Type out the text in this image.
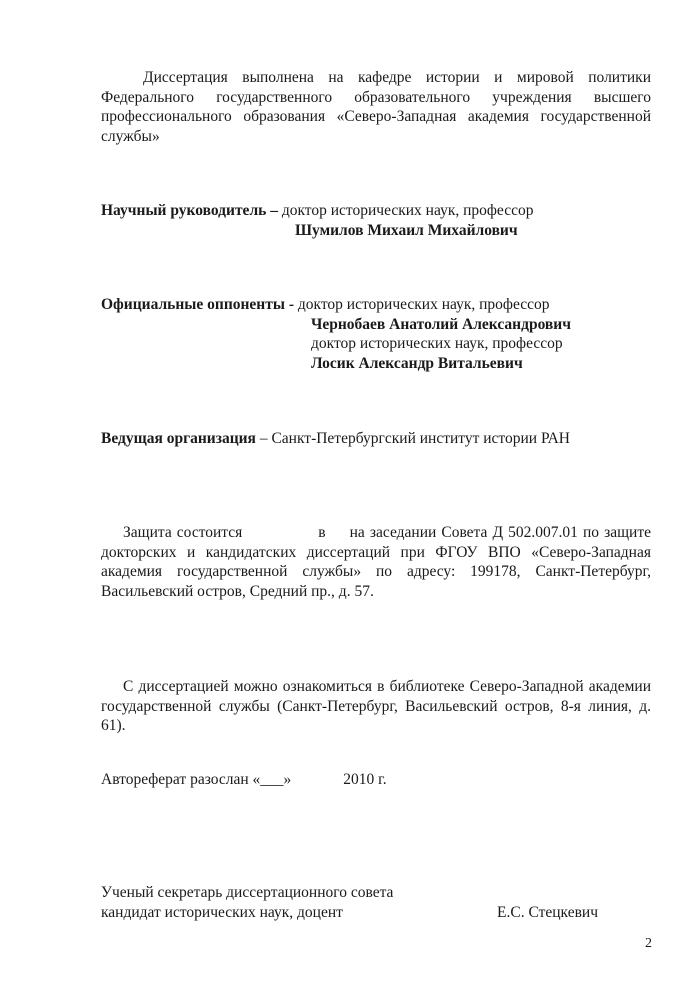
Диссертация выполнена на кафедре истории и мировой политики Федерального государственного образовательного учреждения высшего профессионального образования «Северо-Западная академия государственной службы»
Научный руководитель – доктор исторических наук, профессор
Шумилов Михаил Михайлович
Официальные оппоненты - доктор исторических наук, профессор
Чернобаев Анатолий Александрович
доктор исторических наук, профессор
Лосик Александр Витальевич
Ведущая организация – Санкт-Петербургский институт истории РАН
Защита состоится	в на заседании Совета Д 502.007.01 по защите докторских и кандидатских диссертаций при ФГОУ ВПО «Северо-Западная академия государственной службы» по адресу: 199178, Санкт-Петербург, Васильевский остров, Средний пр., д. 57.
С диссертацией можно ознакомиться в библиотеке Северо-Западной академии государственной службы (Санкт-Петербург, Васильевский остров, 8-я линия, д. 61).
Автореферат разослан «___»	2010 г.
Ученый секретарь диссертационного совета
кандидат исторических наук, доцент	Е.С. Стецкевич
2
